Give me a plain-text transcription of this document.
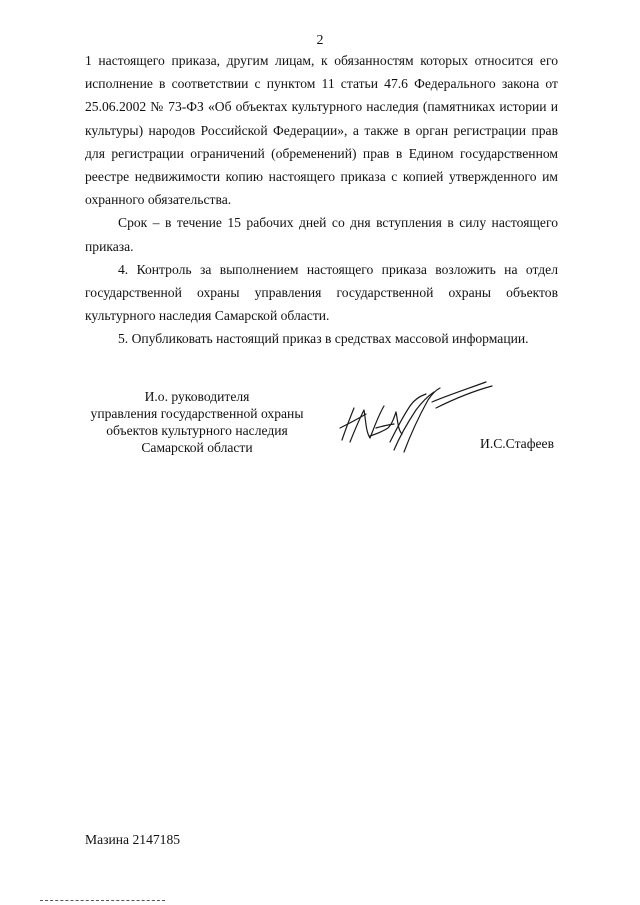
2

1 настоящего приказа, другим лицам, к обязанностям которых относится его исполнение в соответствии с пунктом 11 статьи 47.6 Федерального закона от 25.06.2002 № 73-ФЗ «Об объектах культурного наследия (памятниках истории и культуры) народов Российской Федерации», а также в орган регистрации прав для регистрации ограничений (обременений) прав в Едином государственном реестре недвижимости копию настоящего приказа с копией утвержденного им охранного обязательства.

Срок – в течение 15 рабочих дней со дня вступления в силу настоящего приказа.

4. Контроль за выполнением настоящего приказа возложить на отдел государственной охраны управления государственной охраны объектов культурного наследия Самарской области.

5. Опубликовать настоящий приказ в средствах массовой информации.

И.о. руководителя
управления государственной охраны
объектов культурного наследия
Самарской области	И.С.Стафеев
Мазина 2147185
